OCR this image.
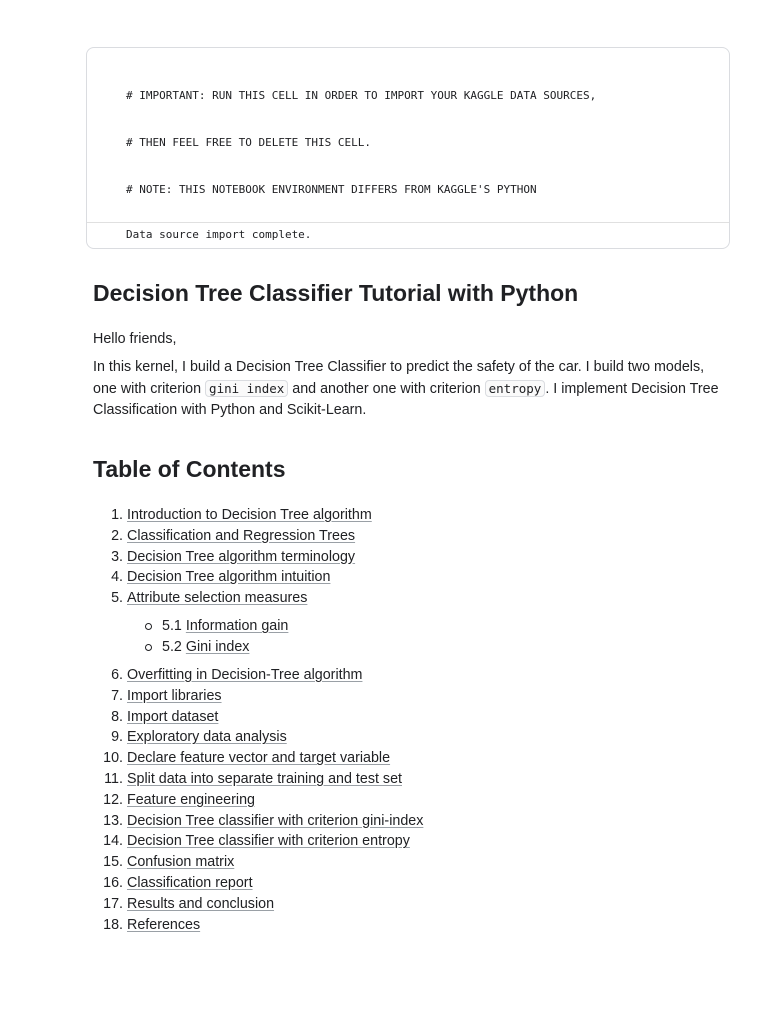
# IMPORTANT: RUN THIS CELL IN ORDER TO IMPORT YOUR KAGGLE DATA SOURCES,

# THEN FEEL FREE TO DELETE THIS CELL.

# NOTE: THIS NOTEBOOK ENVIRONMENT DIFFERS FROM KAGGLE'S PYTHON

Data source import complete.
Decision Tree Classifier Tutorial with Python

Hello friends,

In this kernel, I build a Decision Tree Classifier to predict the safety of the car. I build two models, one with criterion gini index and another one with criterion entropy . I implement Decision Tree Classification with Python and Scikit-Learn.

Table of Contents
1. Introduction to Decision Tree algorithm
2. Classification and Regression Trees
3. Decision Tree algorithm terminology
4. Decision Tree algorithm intuition
5. Attribute selection measures
5.1 Information gain
5.2 Gini index
6. Overfitting in Decision-Tree algorithm
7. Import libraries
8. Import dataset
9. Exploratory data analysis
10. Declare feature vector and target variable
11. Split data into separate training and test set
12. Feature engineering
13. Decision Tree classifier with criterion gini-index
14. Decision Tree classifier with criterion entropy
15. Confusion matrix
16. Classification report
17. Results and conclusion
18. References
